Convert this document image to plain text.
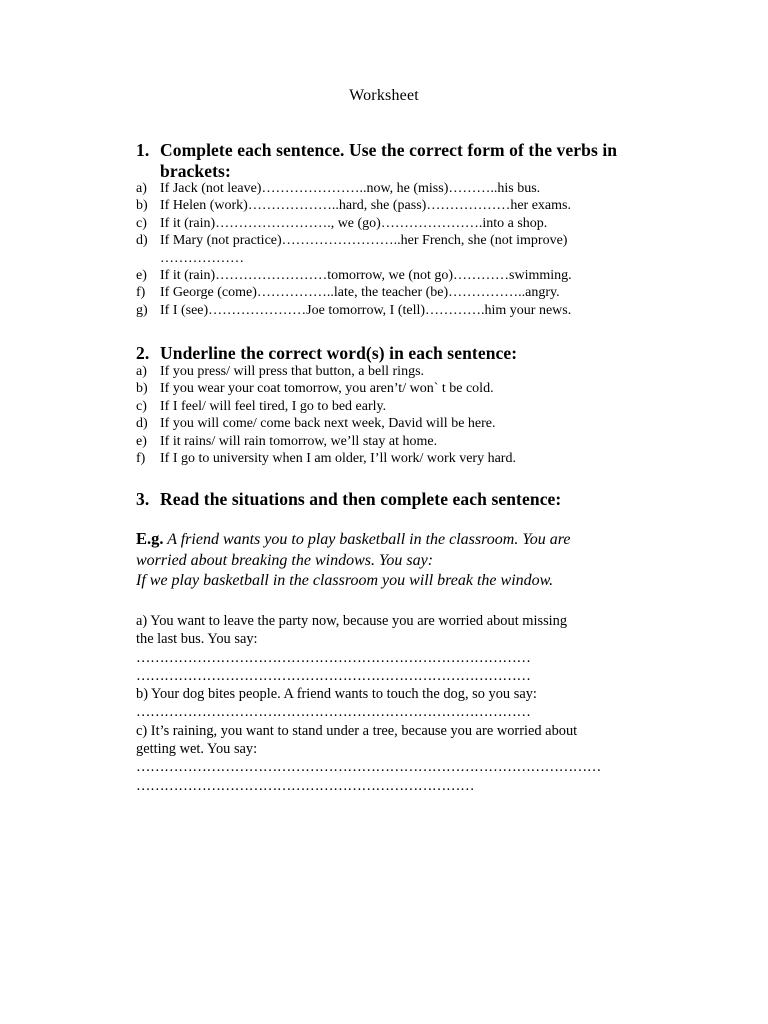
Worksheet
1. Complete each sentence. Use the correct form of the verbs in
brackets:
a) If Jack (not leave)…………………..now, he (miss)………..his bus.
b) If Helen (work)………………..hard, she (pass)………………her exams.
c) If it (rain)……………………., we (go)………………….into a shop.
d) If Mary (not practice)……………………..her French, she (not improve)
………………
e) If it (rain)……………………tomorrow, we (not go)…………swimming.
f) If George (come)……………..late, the teacher (be)……………..angry.
g) If I (see)…………………Joe tomorrow, I (tell)………….him your news.
2. Underline the correct word(s) in each sentence:
a) If you press/ will press that button, a bell rings.
b) If you wear your coat tomorrow, you aren’t/ won` t be cold.
c) If I feel/ will feel tired, I go to bed early.
d) If you will come/ come back next week, David will be here.
e) If it rains/ will rain tomorrow, we’ll stay at home.
f) If I go to university when I am older, I’ll work/ work very hard.
3. Read the situations and then complete each sentence:
E.g. A friend wants you to play basketball in the classroom. You are
worried about breaking the windows. You say:
If we play basketball in the classroom you will break the window.
a) You want to leave the party now, because you are worried about missing
the last bus. You say:
…………………………………………………………………………
…………………………………………………………………………
b) Your dog bites people. A friend wants to touch the dog, so you say:
…………………………………………………………………………
c) It’s raining, you want to stand under a tree, because you are worried about
getting wet. You say:
………………………………………………………………………………………
………………………………………………………………
